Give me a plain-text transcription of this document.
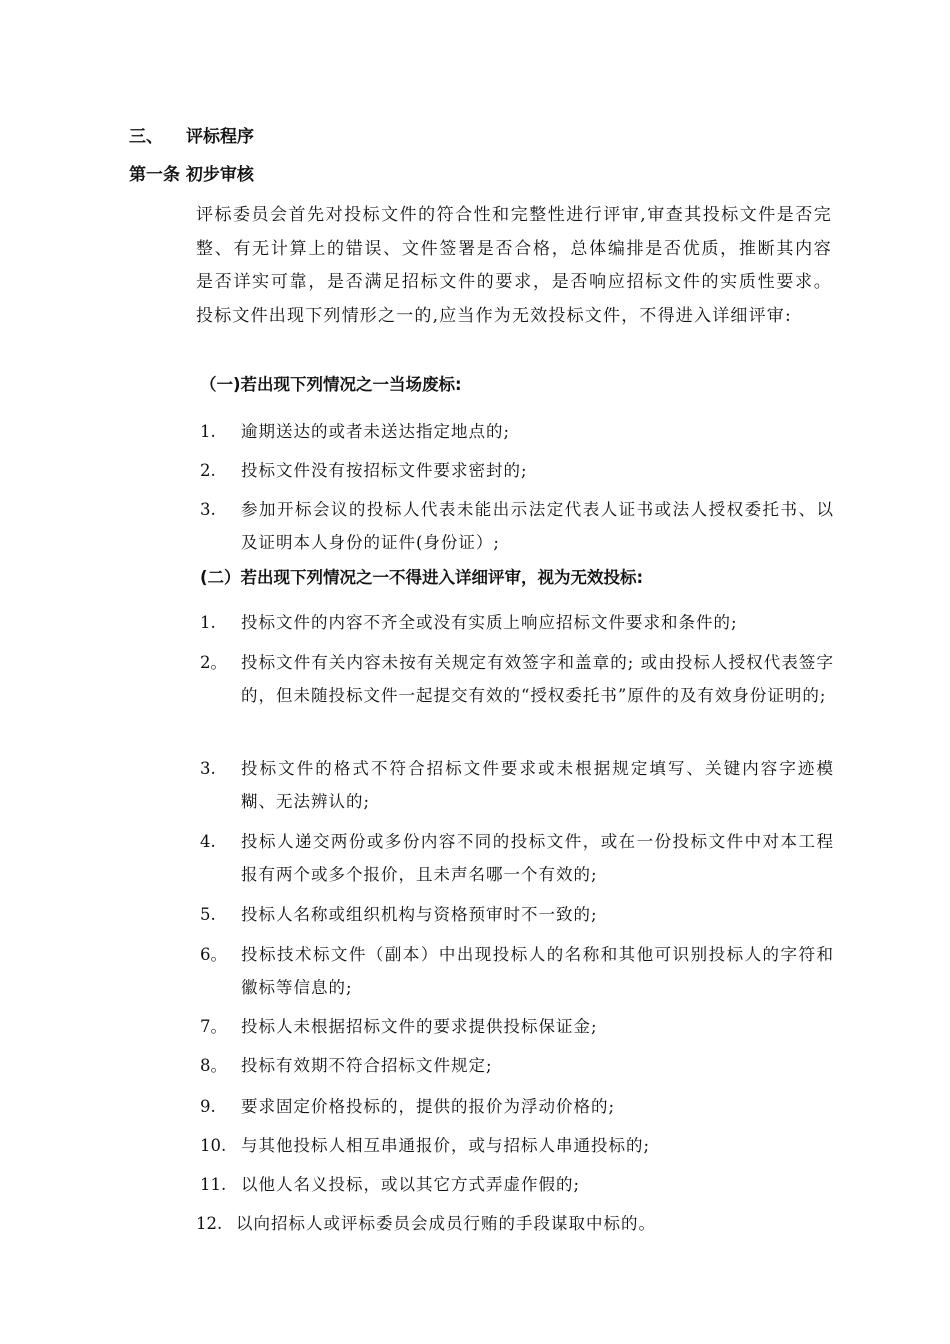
三、 评标程序
第一条 初步审核
评标委员会首先对投标文件的符合性和完整性进行评审,审查其投标文件是否完整、有无计算上的错误、文件签署是否合格，总体编排是否优质，推断其内容是否详实可靠，是否满足招标文件的要求，是否响应招标文件的实质性要求。投标文件出现下列情形之一的,应当作为无效投标文件，不得进入详细评审:
（一)若出现下列情况之一当场废标:
1. 逾期送达的或者未送达指定地点的;
2. 投标文件没有按招标文件要求密封的;
3. 参加开标会议的投标人代表未能出示法定代表人证书或法人授权委托书、以及证明本人身份的证件(身份证）;
(二）若出现下列情况之一不得进入详细评审，视为无效投标:
1. 投标文件的内容不齐全或没有实质上响应招标文件要求和条件的;
2。 投标文件有关内容未按有关规定有效签字和盖章的; 或由投标人授权代表签字的，但未随投标文件一起提交有效的“授权委托书”原件的及有效身份证明的;
3. 投标文件的格式不符合招标文件要求或未根据规定填写、关键内容字迹模糊、无法辨认的;
4. 投标人递交两份或多份内容不同的投标文件，或在一份投标文件中对本工程报有两个或多个报价，且未声名哪一个有效的;
5. 投标人名称或组织机构与资格预审时不一致的;
6。 投标技术标文件（副本）中出现投标人的名称和其他可识别投标人的字符和徽标等信息的;
7。 投标人未根据招标文件的要求提供投标保证金;
8。 投标有效期不符合招标文件规定;
9. 要求固定价格投标的，提供的报价为浮动价格的;
10. 与其他投标人相互串通报价，或与招标人串通投标的;
11. 以他人名义投标，或以其它方式弄虚作假的;
12. 以向招标人或评标委员会成员行贿的手段谋取中标的。
